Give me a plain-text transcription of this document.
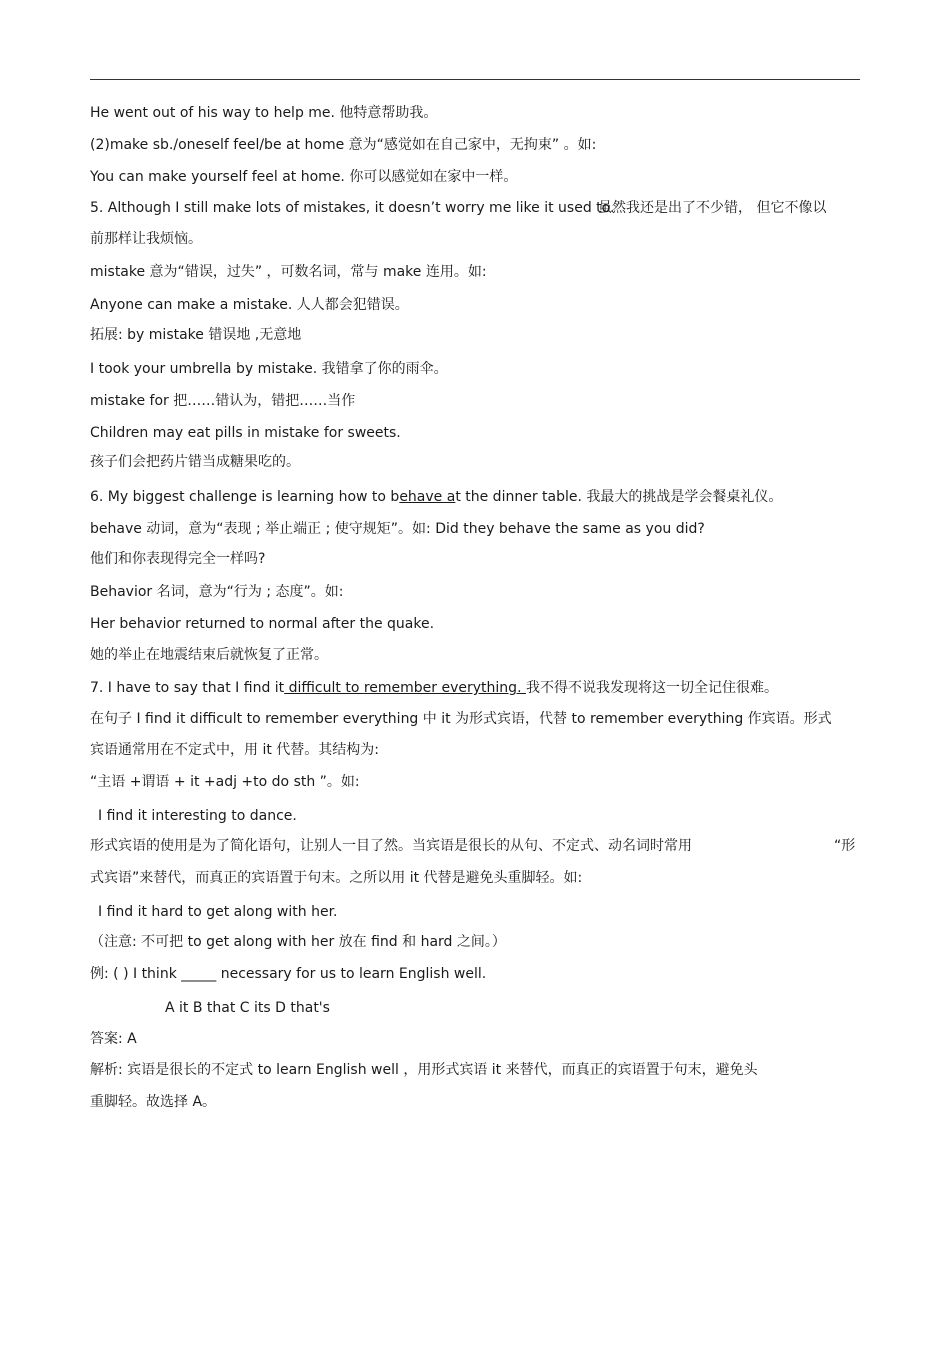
He went out of his way to help me. 他特意帮助我。
(2)make sb./oneself feel/be at home 意为“感觉如在自己家中，无拘束” 。如:
You can make yourself feel at home. 你可以感觉如在家中一样。
5. Although I still make lots of mistakes, it doesn’t worry me like it used to.
虽然我还是出了不少错， 但它不像以
前那样让我烦恼。
mistake 意为“错误，过失” ，可数名词，常与 make 连用。如:
Anyone can make a mistake. 人人都会犯错误。
拓展: by mistake 错误地 ,无意地
I took your umbrella by mistake. 我错拿了你的雨伞。
mistake for 把……错认为，错把……当作
Children may eat pills in mistake for sweets.
孩子们会把药片错当成糖果吃的。
6. My biggest challenge is learning how to behave at the dinner table. 我最大的挑战是学会餐桌礼仪。
behave 动词，意为“表现 ; 举止端正 ; 使守规矩”。如: Did they behave the same as you did?
他们和你表现得完全一样吗?
Behavior 名词，意为“行为 ; 态度”。如:
Her behavior returned to normal after the quake.
她的举止在地震结束后就恢复了正常。
7. I have to say that I find it difficult to remember everything. 我不得不说我发现将这一切全记住很难。
在句子 I find it difficult to remember everything 中 it 为形式宾语，代替 to remember everything 作宾语。形式
宾语通常用在不定式中，用 it 代替。其结构为:
“主语 +谓语 + it +adj +to do sth ”。如:
I find it interesting to dance.
形式宾语的使用是为了简化语句，让别人一目了然。当宾语是很长的从句、不定式、动名词时常用	“形
式宾语”来替代，而真正的宾语置于句末。之所以用 it 代替是避免头重脚轻。如:
I find it hard to get along with her.
（注意: 不可把 to get along with her 放在 find 和 hard 之间。）
例: ( ) I think _____ necessary for us to learn English well.
A it B that C its D that's
答案: A
解析: 宾语是很长的不定式 to learn English well ，用形式宾语 it 来替代，而真正的宾语置于句末，避免头
重脚轻。故选择 A。
